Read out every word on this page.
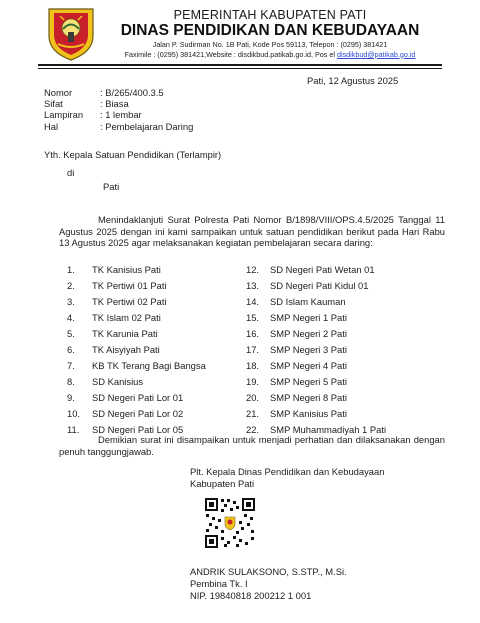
PEMERINTAH KABUPATEN PATI
DINAS PENDIDIKAN DAN KEBUDAYAAN
Jalan P. Sudirman No. 1B Pati, Kode Pos 59113, Telepon : (0295) 381421
Faximile : (0295) 381421,Website : disdikbud.patikab.go.id, Pos el disdikbud@patikab.go.id
Pati, 12 Agustus 2025
Nomor	: B/265/400.3.5
Sifat	: Biasa
Lampiran : 1 lembar
Hal	: Pembelajaran Daring
Yth. Kepala Satuan Pendidikan (Terlampir)
di
Pati
Menindaklanjuti Surat Polresta Pati Nomor B/1898/VIII/OPS.4.5/2025 Tanggal 11 Agustus 2025 dengan ini kami sampaikan untuk satuan pendidikan berikut pada Hari Rabu 13 Agustus 2025 agar melaksanakan kegiatan pembelajaran secara daring:
1. TK Kanisius Pati
2. TK Pertiwi 01 Pati
3. TK Pertiwi 02 Pati
4. TK Islam 02 Pati
5. TK Karunia Pati
6. TK Aisyiyah Pati
7. KB TK Terang Bagi Bangsa
8. SD Kanisius
9. SD Negeri Pati Lor 01
10. SD Negeri Pati Lor 02
11. SD Negeri Pati Lor 05
12. SD Negeri Pati Wetan 01
13. SD Negeri Pati Kidul 01
14. SD Islam Kauman
15. SMP Negeri 1 Pati
16. SMP Negeri 2 Pati
17. SMP Negeri 3 Pati
18. SMP Negeri 4 Pati
19. SMP Negeri 5 Pati
20. SMP Negeri 8 Pati
21. SMP Kanisius Pati
22. SMP Muhammadiyah 1 Pati
Demikian surat ini disampaikan untuk menjadi perhatian dan dilaksanakan dengan penuh tanggungjawab.
Plt. Kepala Dinas Pendidikan dan Kebudayaan
Kabupaten Pati
ANDRIK SULAKSONO, S.STP., M.Si.
Pembina Tk. I
NIP. 19840818 200212 1 001
